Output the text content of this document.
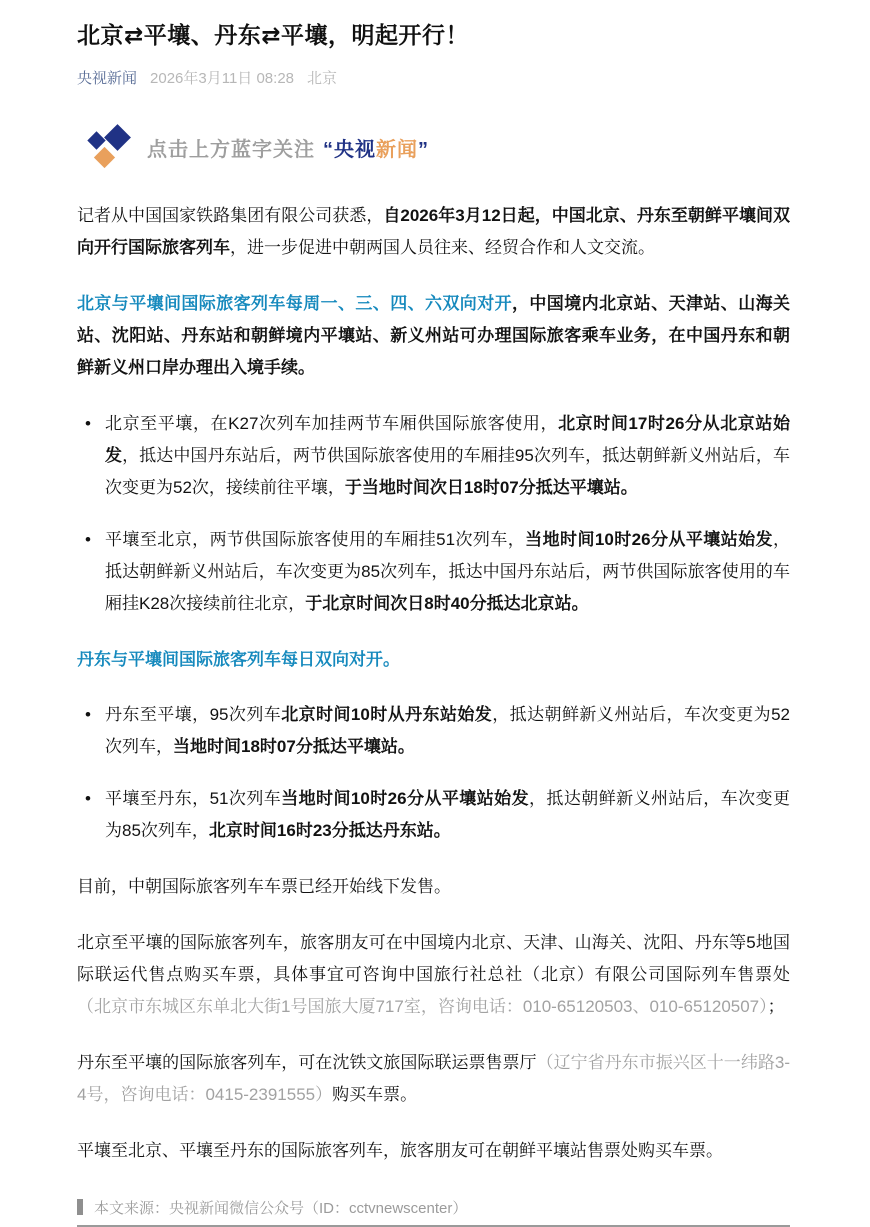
北京⇄平壤、丹东⇄平壤，明起开行！
央视新闻 2026年3月11日 08:28 北京
点击上方蓝字关注 “央视新闻”

记者从中国国家铁路集团有限公司获悉，自2026年3月12日起，中国北京、丹东至朝鲜平壤间双向开行国际旅客列车，进一步促进中朝两国人员往来、经贸合作和人文交流。

北京与平壤间国际旅客列车每周一、三、四、六双向对开，中国境内北京站、天津站、山海关站、沈阳站、丹东站和朝鲜境内平壤站、新义州站可办理国际旅客乘车业务，在中国丹东和朝鲜新义州口岸办理出入境手续。

• 北京至平壤，在K27次列车加挂两节车厢供国际旅客使用，北京时间17时26分从北京站始发，抵达中国丹东站后，两节供国际旅客使用的车厢挂95次列车，抵达朝鲜新义州站后，车次变更为52次，接续前往平壤，于当地时间次日18时07分抵达平壤站。
• 平壤至北京，两节供国际旅客使用的车厢挂51次列车，当地时间10时26分从平壤站始发，抵达朝鲜新义州站后，车次变更为85次列车，抵达中国丹东站后，两节供国际旅客使用的车厢挂K28次接续前往北京，于北京时间次日8时40分抵达北京站。

丹东与平壤间国际旅客列车每日双向对开。

• 丹东至平壤，95次列车北京时间10时从丹东站始发，抵达朝鲜新义州站后，车次变更为52次列车，当地时间18时07分抵达平壤站。
• 平壤至丹东，51次列车当地时间10时26分从平壤站始发，抵达朝鲜新义州站后，车次变更为85次列车，北京时间16时23分抵达丹东站。

目前，中朝国际旅客列车车票已经开始线下发售。

北京至平壤的国际旅客列车，旅客朋友可在中国境内北京、天津、山海关、沈阳、丹东等5地国际联运代售点购买车票，具体事宜可咨询中国旅行社总社（北京）有限公司国际列车售票处（北京市东城区东单北大街1号国旅大厦717室，咨询电话：010-65120503、010-65120507）；

丹东至平壤的国际旅客列车，可在沈铁文旅国际联运票售票厅（辽宁省丹东市振兴区十一纬路3-4号，咨询电话：0415-2391555）购买车票。

平壤至北京、平壤至丹东的国际旅客列车，旅客朋友可在朝鲜平壤站售票处购买车票。

本文来源：央视新闻微信公众号（ID：cctvnewscenter）
